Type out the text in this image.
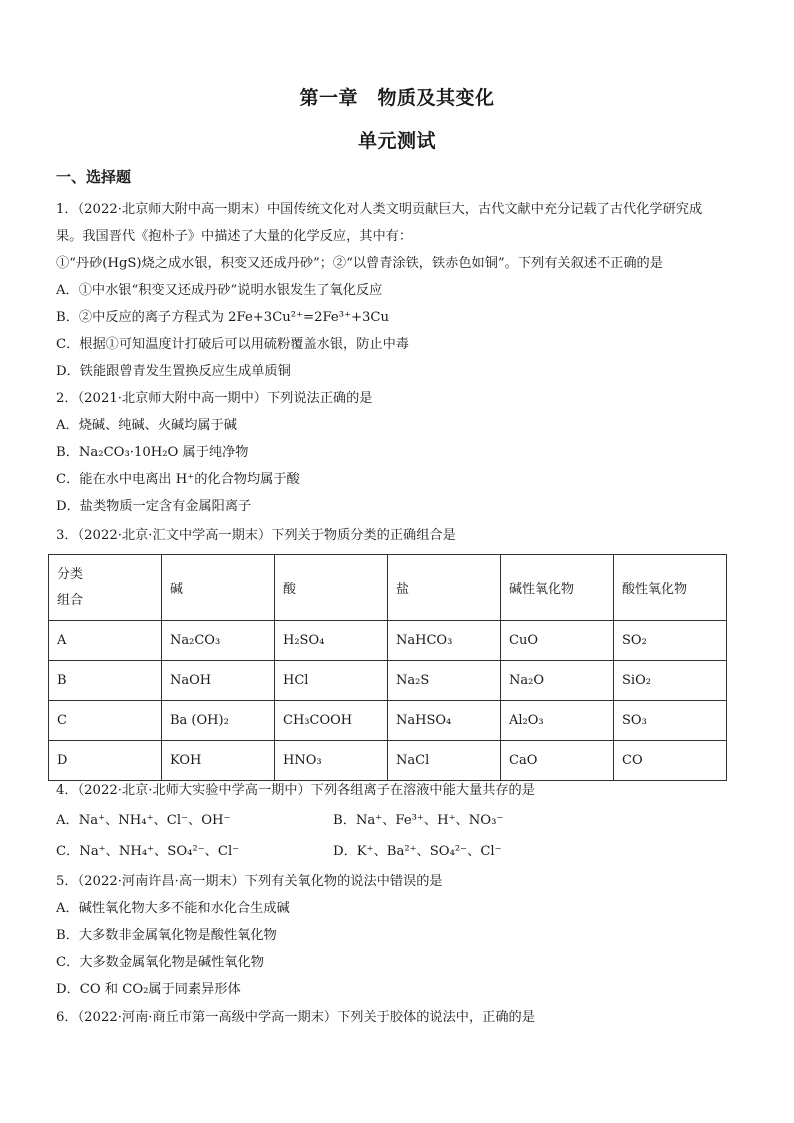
第一章　物质及其变化
单元测试
一、选择题
1．（2022·北京师大附中高一期末）中国传统文化对人类文明贡献巨大，古代文献中充分记载了古代化学研究成
果。我国晋代《抱朴子》中描述了大量的化学反应，其中有：
①“丹砂(HgS)烧之成水银，积变又还成丹砂”；②“以曾青涂铁，铁赤色如铜”。下列有关叙述不正确的是
A．①中水银“积变又还成丹砂”说明水银发生了氧化反应
B．②中反应的离子方程式为 2Fe+3Cu²⁺=2Fe³⁺+3Cu
C．根据①可知温度计打破后可以用硫粉覆盖水银，防止中毒
D．铁能跟曾青发生置换反应生成单质铜
2．（2021·北京师大附中高一期中）下列说法正确的是
A．烧碱、纯碱、火碱均属于碱
B．Na₂CO₃·10H₂O 属于纯净物
C．能在水中电离出 H⁺的化合物均属于酸
D．盐类物质一定含有金属阳离子
3．（2022·北京·汇文中学高一期末）下列关于物质分类的正确组合是
分类
组合	碱	酸	盐	碱性氧化物	酸性氧化物
A	Na₂CO₃	H₂SO₄	NaHCO₃	CuO	SO₂
B	NaOH	HCl	Na₂S	Na₂O	SiO₂
C	Ba (OH)₂	CH₃COOH	NaHSO₄	Al₂O₃	SO₃
D	KOH	HNO₃	NaCl	CaO	CO
4．（2022·北京·北师大实验中学高一期中）下列各组离子在溶液中能大量共存的是
A．Na⁺、NH₄⁺、Cl⁻、OH⁻	B．Na⁺、Fe³⁺、H⁺、NO₃⁻
C．Na⁺、NH₄⁺、SO₄²⁻、Cl⁻	D．K⁺、Ba²⁺、SO₄²⁻、Cl⁻
5．（2022·河南许昌·高一期末）下列有关氧化物的说法中错误的是
A．碱性氧化物大多不能和水化合生成碱
B．大多数非金属氧化物是酸性氧化物
C．大多数金属氧化物是碱性氧化物
D．CO 和 CO₂属于同素异形体
6．（2022·河南·商丘市第一高级中学高一期末）下列关于胶体的说法中，正确的是
